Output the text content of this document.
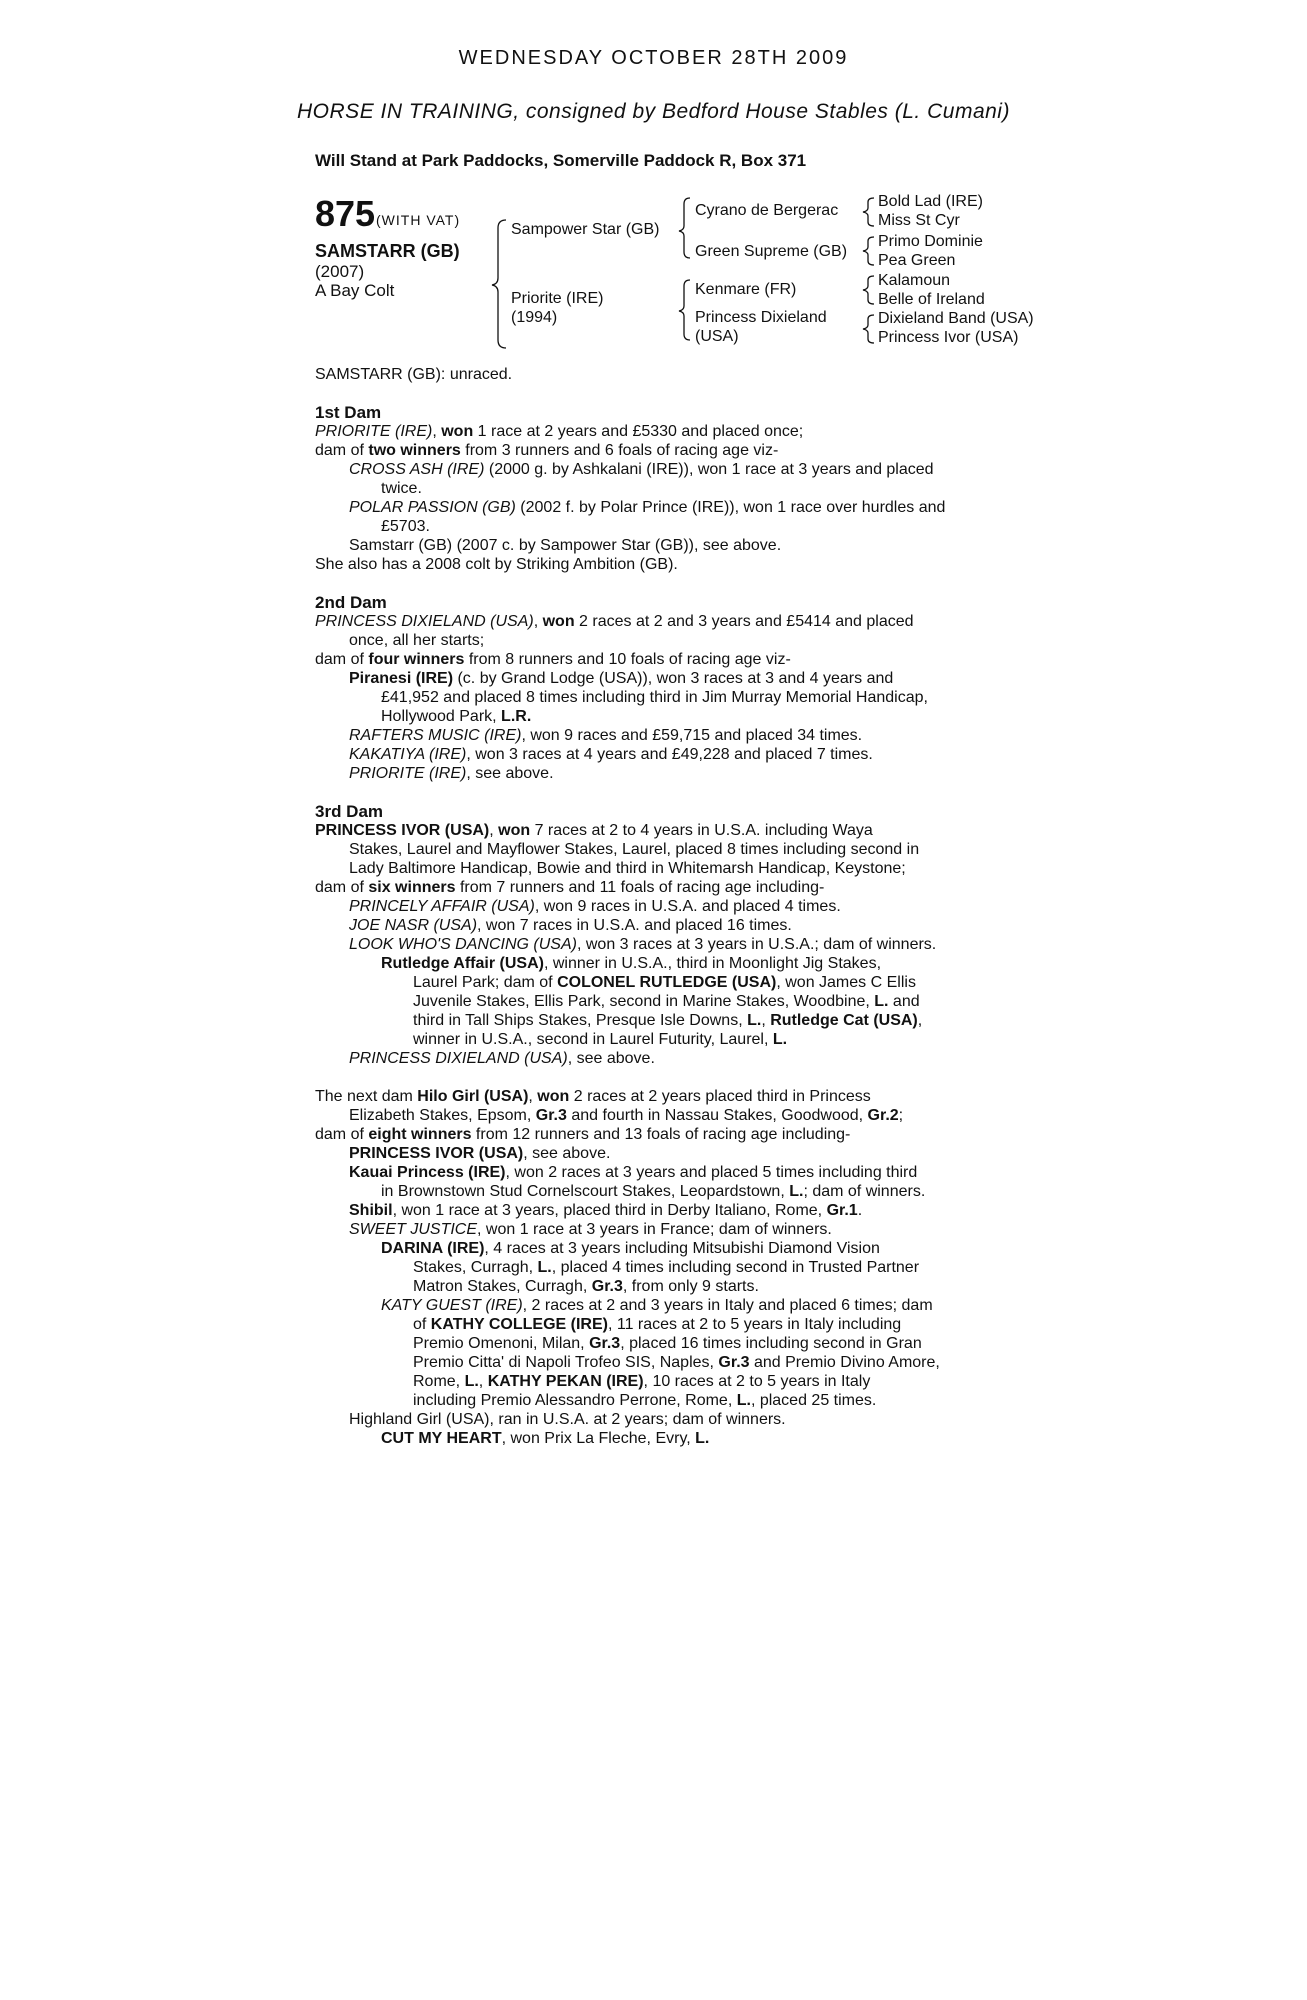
WEDNESDAY OCTOBER 28TH 2009
HORSE IN TRAINING, consigned by Bedford House Stables (L. Cumani)
Will Stand at Park Paddocks, Somerville Paddock R, Box 371
875 (WITH VAT)
SAMSTARR (GB)
(2007)
A Bay Colt
Sampower Star (GB)
Priorite (IRE)
(1994)
Cyrano de Bergerac
Green Supreme (GB)
Kenmare (FR)
Princess Dixieland
(USA)
Bold Lad (IRE)
Miss St Cyr
Primo Dominie
Pea Green
Kalamoun
Belle of Ireland
Dixieland Band (USA)
Princess Ivor (USA)
SAMSTARR (GB): unraced.
1st Dam
PRIORITE (IRE), won 1 race at 2 years and £5330 and placed once;
dam of two winners from 3 runners and 6 foals of racing age viz-
CROSS ASH (IRE) (2000 g. by Ashkalani (IRE)), won 1 race at 3 years and placed
twice.
POLAR PASSION (GB) (2002 f. by Polar Prince (IRE)), won 1 race over hurdles and
£5703.
Samstarr (GB) (2007 c. by Sampower Star (GB)), see above.
She also has a 2008 colt by Striking Ambition (GB).
2nd Dam
PRINCESS DIXIELAND (USA), won 2 races at 2 and 3 years and £5414 and placed
once, all her starts;
dam of four winners from 8 runners and 10 foals of racing age viz-
Piranesi (IRE) (c. by Grand Lodge (USA)), won 3 races at 3 and 4 years and
£41,952 and placed 8 times including third in Jim Murray Memorial Handicap,
Hollywood Park, L.R.
RAFTERS MUSIC (IRE), won 9 races and £59,715 and placed 34 times.
KAKATIYA (IRE), won 3 races at 4 years and £49,228 and placed 7 times.
PRIORITE (IRE), see above.
3rd Dam
PRINCESS IVOR (USA), won 7 races at 2 to 4 years in U.S.A. including Waya
Stakes, Laurel and Mayflower Stakes, Laurel, placed 8 times including second in
Lady Baltimore Handicap, Bowie and third in Whitemarsh Handicap, Keystone;
dam of six winners from 7 runners and 11 foals of racing age including-
PRINCELY AFFAIR (USA), won 9 races in U.S.A. and placed 4 times.
JOE NASR (USA), won 7 races in U.S.A. and placed 16 times.
LOOK WHO'S DANCING (USA), won 3 races at 3 years in U.S.A.; dam of winners.
Rutledge Affair (USA), winner in U.S.A., third in Moonlight Jig Stakes,
Laurel Park; dam of COLONEL RUTLEDGE (USA), won James C Ellis
Juvenile Stakes, Ellis Park, second in Marine Stakes, Woodbine, L. and
third in Tall Ships Stakes, Presque Isle Downs, L., Rutledge Cat (USA),
winner in U.S.A., second in Laurel Futurity, Laurel, L.
PRINCESS DIXIELAND (USA), see above.
The next dam Hilo Girl (USA), won 2 races at 2 years placed third in Princess
Elizabeth Stakes, Epsom, Gr.3 and fourth in Nassau Stakes, Goodwood, Gr.2;
dam of eight winners from 12 runners and 13 foals of racing age including-
PRINCESS IVOR (USA), see above.
Kauai Princess (IRE), won 2 races at 3 years and placed 5 times including third
in Brownstown Stud Cornelscourt Stakes, Leopardstown, L.; dam of winners.
Shibil, won 1 race at 3 years, placed third in Derby Italiano, Rome, Gr.1.
SWEET JUSTICE, won 1 race at 3 years in France; dam of winners.
DARINA (IRE), 4 races at 3 years including Mitsubishi Diamond Vision
Stakes, Curragh, L., placed 4 times including second in Trusted Partner
Matron Stakes, Curragh, Gr.3, from only 9 starts.
KATY GUEST (IRE), 2 races at 2 and 3 years in Italy and placed 6 times; dam
of KATHY COLLEGE (IRE), 11 races at 2 to 5 years in Italy including
Premio Omenoni, Milan, Gr.3, placed 16 times including second in Gran
Premio Citta' di Napoli Trofeo SIS, Naples, Gr.3 and Premio Divino Amore,
Rome, L., KATHY PEKAN (IRE), 10 races at 2 to 5 years in Italy
including Premio Alessandro Perrone, Rome, L., placed 25 times.
Highland Girl (USA), ran in U.S.A. at 2 years; dam of winners.
CUT MY HEART, won Prix La Fleche, Evry, L.
